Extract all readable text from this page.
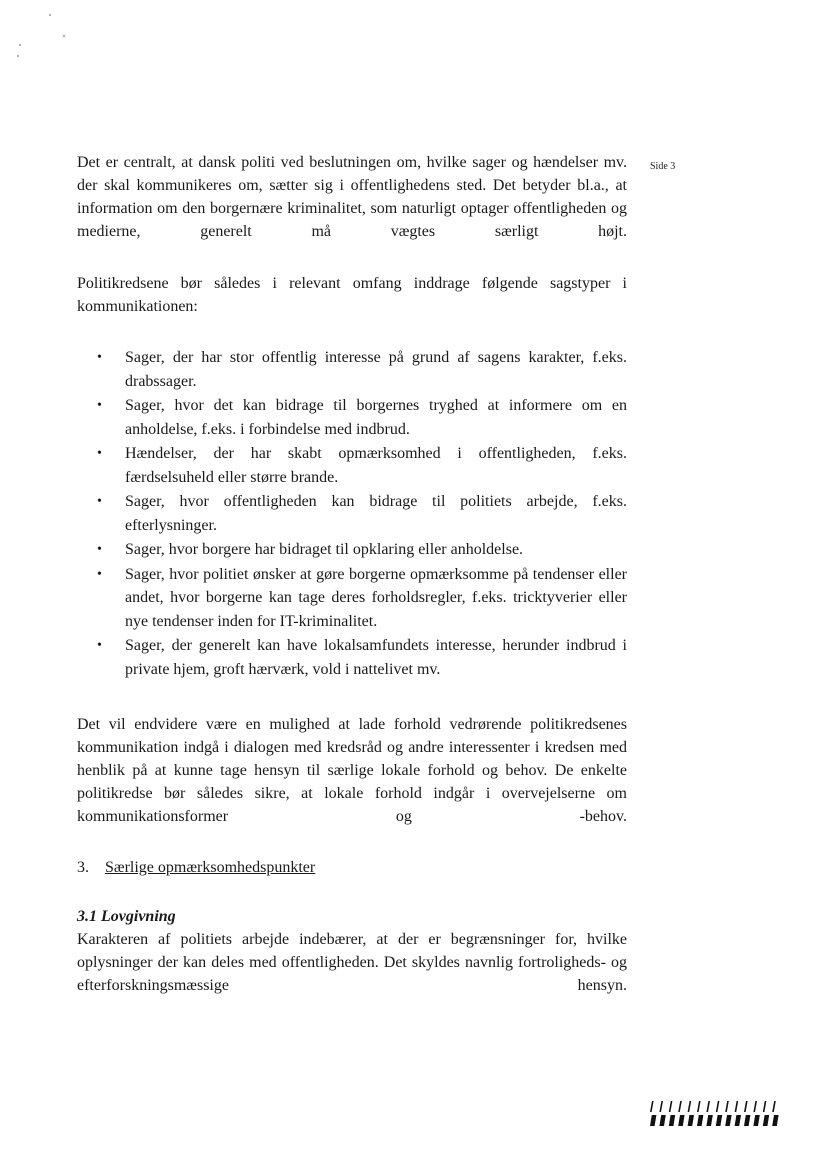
Side 3
Det er centralt, at dansk politi ved beslutningen om, hvilke sager og hændelser mv. der skal kommunikeres om, sætter sig i offentlighedens sted. Det betyder bl.a., at information om den borgernære kriminalitet, som naturligt optager offentligheden og medierne, generelt må vægtes særligt højt.
Politikredsene bør således i relevant omfang inddrage følgende sagstyper i kommunikationen:
• Sager, der har stor offentlig interesse på grund af sagens karakter, f.eks. drabssager.
• Sager, hvor det kan bidrage til borgernes tryghed at informere om en anholdelse, f.eks. i forbindelse med indbrud.
• Hændelser, der har skabt opmærksomhed i offentligheden, f.eks. færdselsuheld eller større brande.
• Sager, hvor offentligheden kan bidrage til politiets arbejde, f.eks. efterlysninger.
• Sager, hvor borgere har bidraget til opklaring eller anholdelse.
• Sager, hvor politiet ønsker at gøre borgerne opmærksomme på tendenser eller andet, hvor borgerne kan tage deres forholdsregler, f.eks. tricktyverier eller nye tendenser inden for IT-kriminalitet.
• Sager, der generelt kan have lokalsamfundets interesse, herunder indbrud i private hjem, groft hærværk, vold i nattelivet mv.
Det vil endvidere være en mulighed at lade forhold vedrørende politikredsenes kommunikation indgå i dialogen med kredsråd og andre interessenter i kredsen med henblik på at kunne tage hensyn til særlige lokale forhold og behov. De enkelte politikredse bør således sikre, at lokale forhold indgår i overvejelserne om kommunikationsformer og -behov.
3. Særlige opmærksomhedspunkter
3.1 Lovgivning
Karakteren af politiets arbejde indebærer, at der er begrænsninger for, hvilke oplysninger der kan deles med offentligheden. Det skyldes navnlig fortroligheds- og efterforskningsmæssige hensyn.
